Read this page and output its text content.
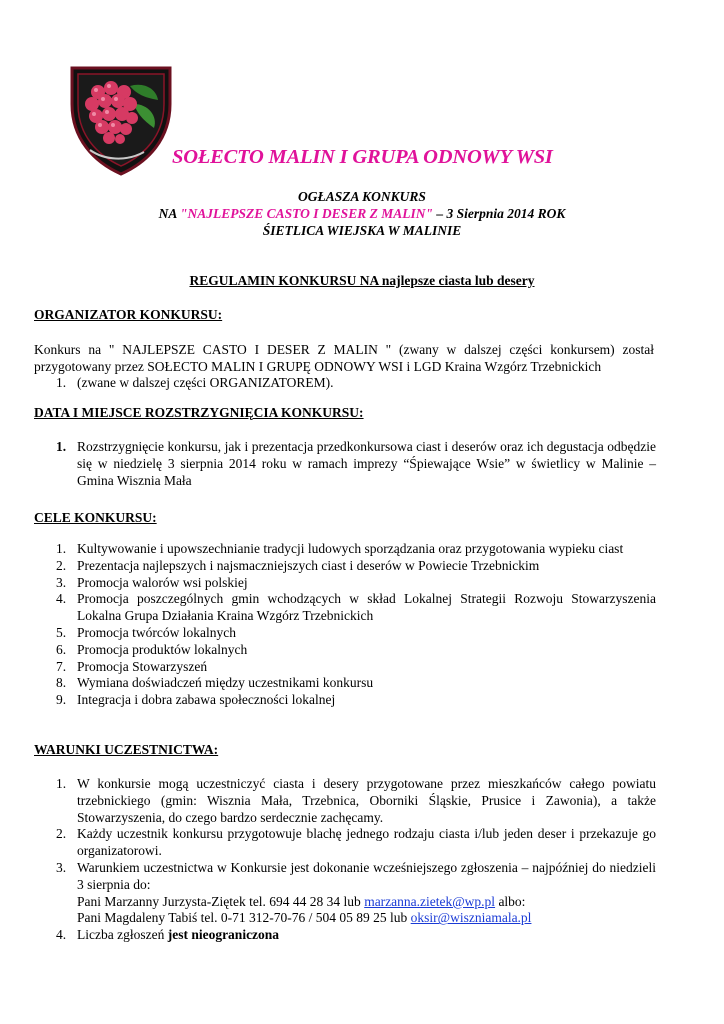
SOŁECTO MALIN I GRUPA ODNOWY WSI
OGŁASZA KONKURS
NA "NAJLEPSZE CASTO I DESER Z MALIN" – 3 Sierpnia 2014 ROK
ŚIETLICA WIEJSKA W MALINIE
REGULAMIN KONKURSU NA najlepsze ciasta lub desery
ORGANIZATOR KONKURSU:
Konkurs na " NAJLEPSZE CASTO I DESER Z MALIN " (zwany w dalszej części konkursem) został przygotowany przez SOŁECTO MALIN I GRUPĘ ODNOWY WSI i LGD Kraina Wzgórz Trzebnickich
1. (zwane w dalszej części ORGANIZATOREM).
DATA I MIEJSCE ROZSTRZYGNIĘCIA KONKURSU:
1. Rozstrzygnięcie konkursu, jak i prezentacja przedkonkursowa ciast i deserów oraz ich degustacja odbędzie się w niedzielę 3 sierpnia 2014 roku w ramach imprezy “Śpiewające Wsie” w świetlicy w Malinie – Gmina Wisznia Mała
CELE KONKURSU:
1. Kultywowanie i upowszechnianie tradycji ludowych sporządzania oraz przygotowania wypieku ciast
2. Prezentacja najlepszych i najsmaczniejszych ciast i deserów w Powiecie Trzebnickim
3. Promocja walorów wsi polskiej
4. Promocja poszczególnych gmin wchodzących w skład Lokalnej Strategii Rozwoju Stowarzyszenia Lokalna Grupa Działania Kraina Wzgórz Trzebnickich
5. Promocja twórców lokalnych
6. Promocja produktów lokalnych
7. Promocja Stowarzyszeń
8. Wymiana doświadczeń między uczestnikami konkursu
9. Integracja i dobra zabawa społeczności lokalnej
WARUNKI UCZESTNICTWA:
1. W konkursie mogą uczestniczyć ciasta i desery przygotowane przez mieszkańców całego powiatu trzebnickiego (gmin: Wisznia Mała, Trzebnica, Oborniki Śląskie, Prusice i Zawonia), a także Stowarzyszenia, do czego bardzo serdecznie zachęcamy.
2. Każdy uczestnik konkursu przygotowuje blachę jednego rodzaju ciasta i/lub jeden deser i przekazuje go organizatorowi.
3. Warunkiem uczestnictwa w Konkursie jest dokonanie wcześniejszego zgłoszenia – najpóźniej do niedzieli 3 sierpnia do:
Pani Marzanny Jurzysta-Ziętek tel. 694 44 28 34 lub marzanna.zietek@wp.pl albo:
Pani Magdaleny Tabiś tel. 0-71 312-70-76 / 504 05 89 25 lub oksir@wiszniamala.pl
4. Liczba zgłoszeń jest nieograniczona
